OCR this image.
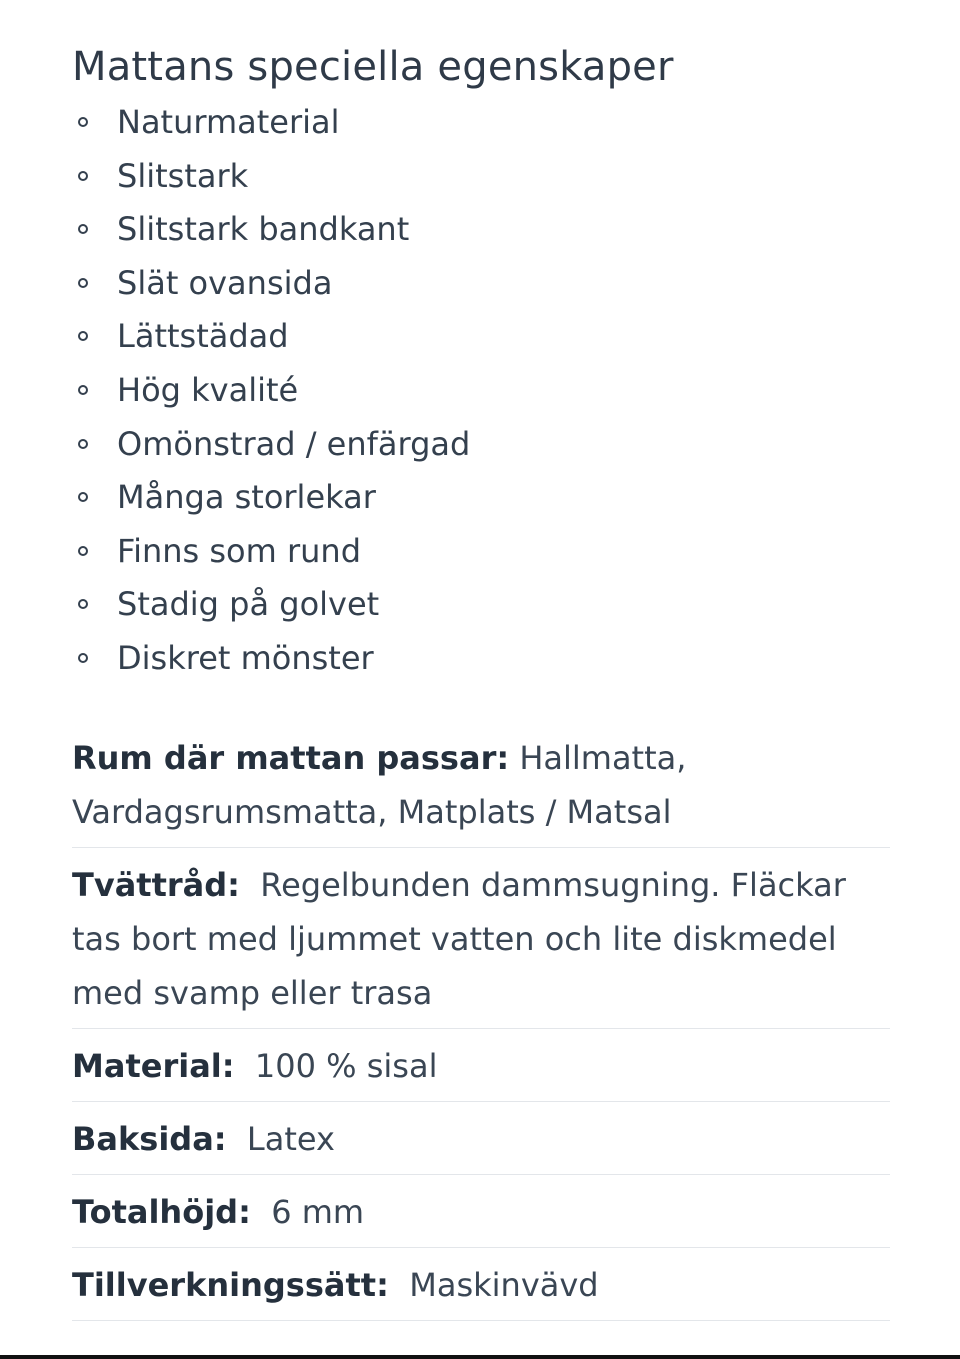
Mattans speciella egenskaper
Naturmaterial
Slitstark
Slitstark bandkant
Slät ovansida
Lättstädad
Hög kvalité
Omönstrad / enfärgad
Många storlekar
Finns som rund
Stadig på golvet
Diskret mönster
Rum där mattan passar: Hallmatta, Vardagsrumsmatta, Matplats / Matsal
Tvättråd: Regelbunden dammsugning. Fläckar tas bort med ljummet vatten och lite diskmedel med svamp eller trasa
Material: 100 % sisal
Baksida: Latex
Totalhöjd: 6 mm
Tillverkningssätt: Maskinvävd
